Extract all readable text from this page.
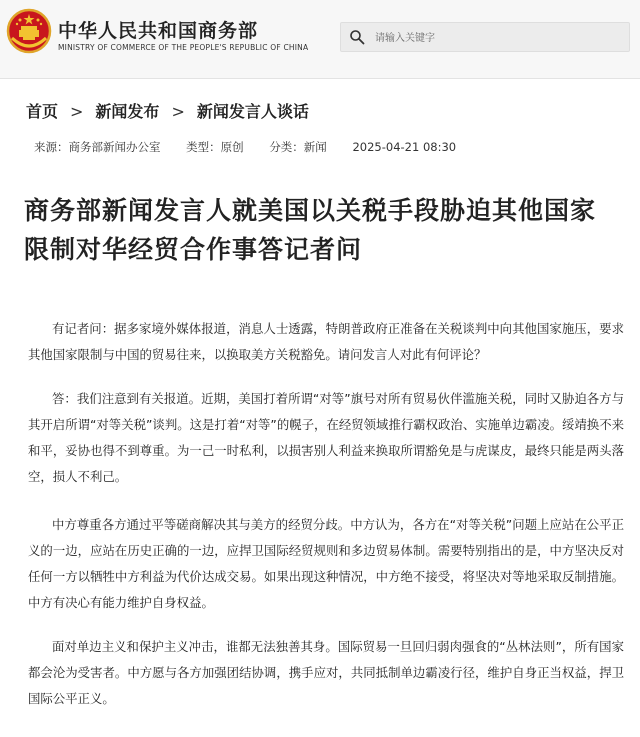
中华人民共和国商务部
MINISTRY OF COMMERCE OF THE PEOPLE'S REPUBLIC OF CHINA
请输入关键字
首页 > 新闻发布 > 新闻发言人谈话
来源：商务部新闻办公室 类型：原创 分类：新闻 2025-04-21 08:30
商务部新闻发言人就美国以关税手段胁迫其他国家限制对华经贸合作事答记者问

有记者问：据多家境外媒体报道，消息人士透露，特朗普政府正准备在关税谈判中向其他国家施压，要求其他国家限制与中国的贸易往来，以换取美方关税豁免。请问发言人对此有何评论？

答：我们注意到有关报道。近期，美国打着所谓“对等”旗号对所有贸易伙伴滥施关税，同时又胁迫各方与其开启所谓“对等关税”谈判。这是打着“对等”的幌子，在经贸领域推行霸权政治、实施单边霸凌。绥靖换不来和平，妥协也得不到尊重。为一己一时私利，以损害别人利益来换取所谓豁免是与虎谋皮，最终只能是两头落空，损人不利己。

中方尊重各方通过平等磋商解决其与美方的经贸分歧。中方认为，各方在“对等关税”问题上应站在公平正义的一边，应站在历史正确的一边，应捍卫国际经贸规则和多边贸易体制。需要特别指出的是，中方坚决反对任何一方以牺牲中方利益为代价达成交易。如果出现这种情况，中方绝不接受，将坚决对等地采取反制措施。中方有决心有能力维护自身权益。

面对单边主义和保护主义冲击，谁都无法独善其身。国际贸易一旦回归弱肉强食的“丛林法则”，所有国家都会沦为受害者。中方愿与各方加强团结协调，携手应对，共同抵制单边霸凌行径，维护自身正当权益，捍卫国际公平正义。
